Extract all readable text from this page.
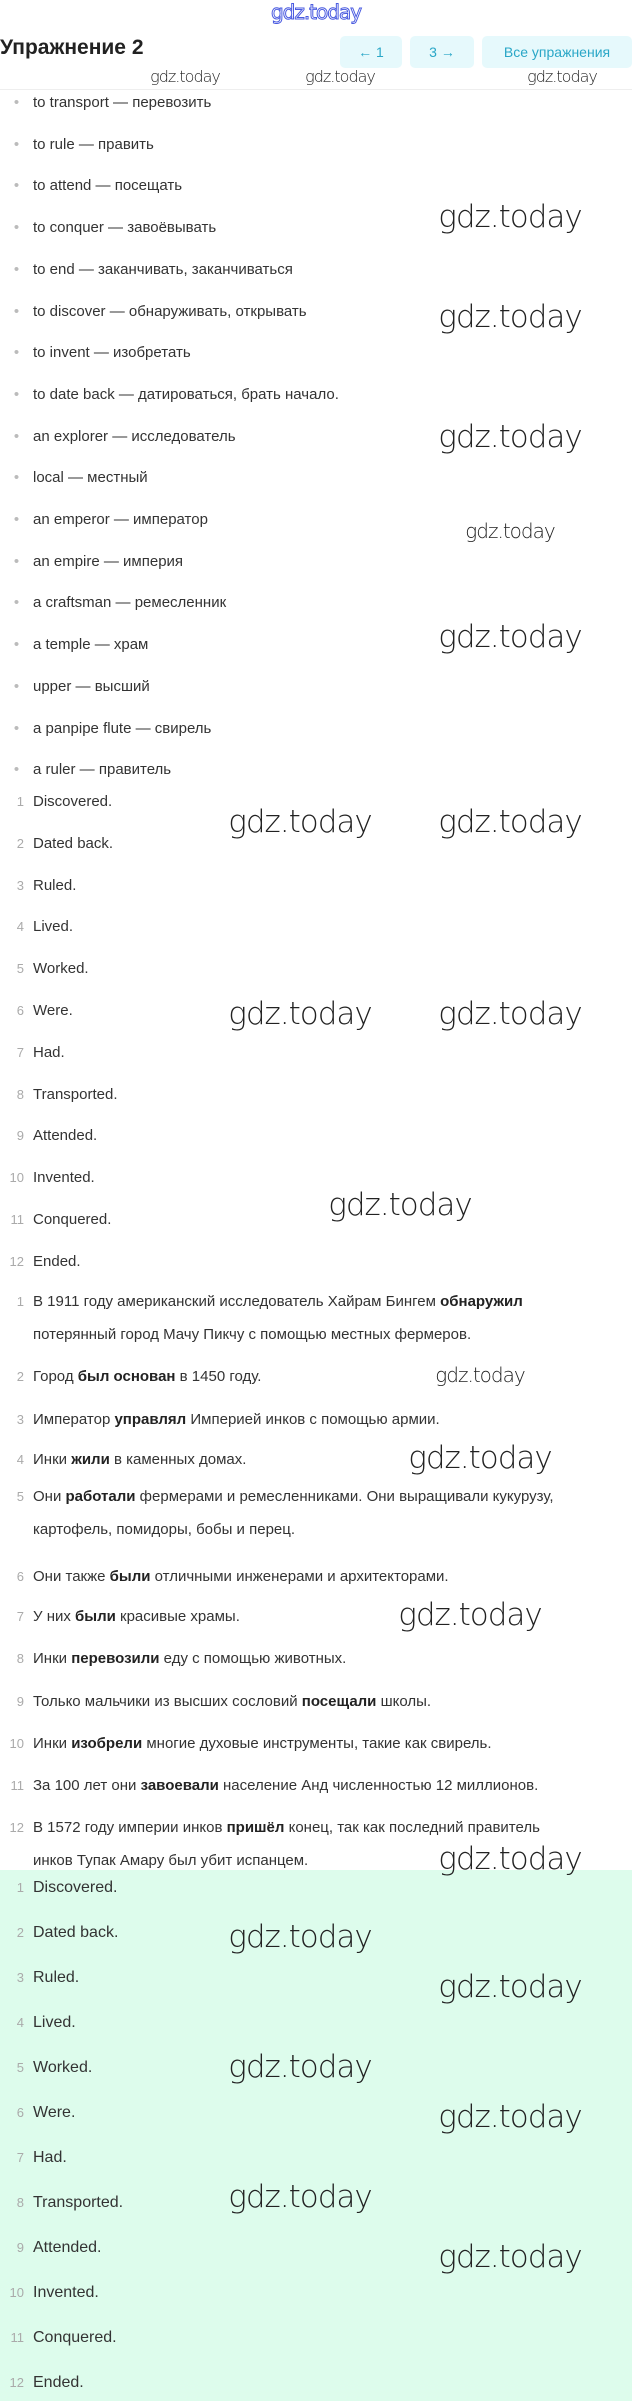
gdz.today
Упражнение 2	← 1	3 →	Все упражнения
• to transport — перевозить
• to rule — править
• to attend — посещать
• to conquer — завоёвывать
• to end — заканчивать, заканчиваться
• to discover — обнаруживать, открывать
• to invent — изобретать
• to date back — датироваться, брать начало.
• an explorer — исследователь
• local — местный
• an emperor — император
• an empire — империя
• a craftsman — ремесленник
• a temple — храм
• upper — высший
• a panpipe flute — свирель
• a ruler — правитель
1 Discovered.
2 Dated back.
3 Ruled.
4 Lived.
5 Worked.
6 Were.
7 Had.
8 Transported.
9 Attended.
10 Invented.
11 Conquered.
12 Ended.
1 В 1911 году американский исследователь Хайрам Бингем обнаружил
потерянный город Мачу Пикчу с помощью местных фермеров.
2 Город был основан в 1450 году.
3 Император управлял Империей инков с помощью армии.
4 Инки жили в каменных домах.
5 Они работали фермерами и ремесленниками. Они выращивали кукурузу,
картофель, помидоры, бобы и перец.
6 Они также были отличными инженерами и архитекторами.
7 У них были красивые храмы.
8 Инки перевозили еду с помощью животных.
9 Только мальчики из высших сословий посещали школы.
10 Инки изобрели многие духовые инструменты, такие как свирель.
11 За 100 лет они завоевали население Анд численностью 12 миллионов.
12 В 1572 году империи инков пришёл конец, так как последний правитель
инков Тупак Амару был убит испанцем.
1 Discovered.
2 Dated back.
3 Ruled.
4 Lived.
5 Worked.
6 Were.
7 Had.
8 Transported.
9 Attended.
10 Invented.
11 Conquered.
12 Ended.
gdz.today	gdz.today	gdz.today
gdz.today
gdz.today
gdz.today
gdz.today
gdz.today
gdz.today gdz.today
gdz.today gdz.today
gdz.today
gdz.today
gdz.today
gdz.today
gdz.today
gdz.today
gdz.today
gdz.today
gdz.today
gdz.today
gdz.today
